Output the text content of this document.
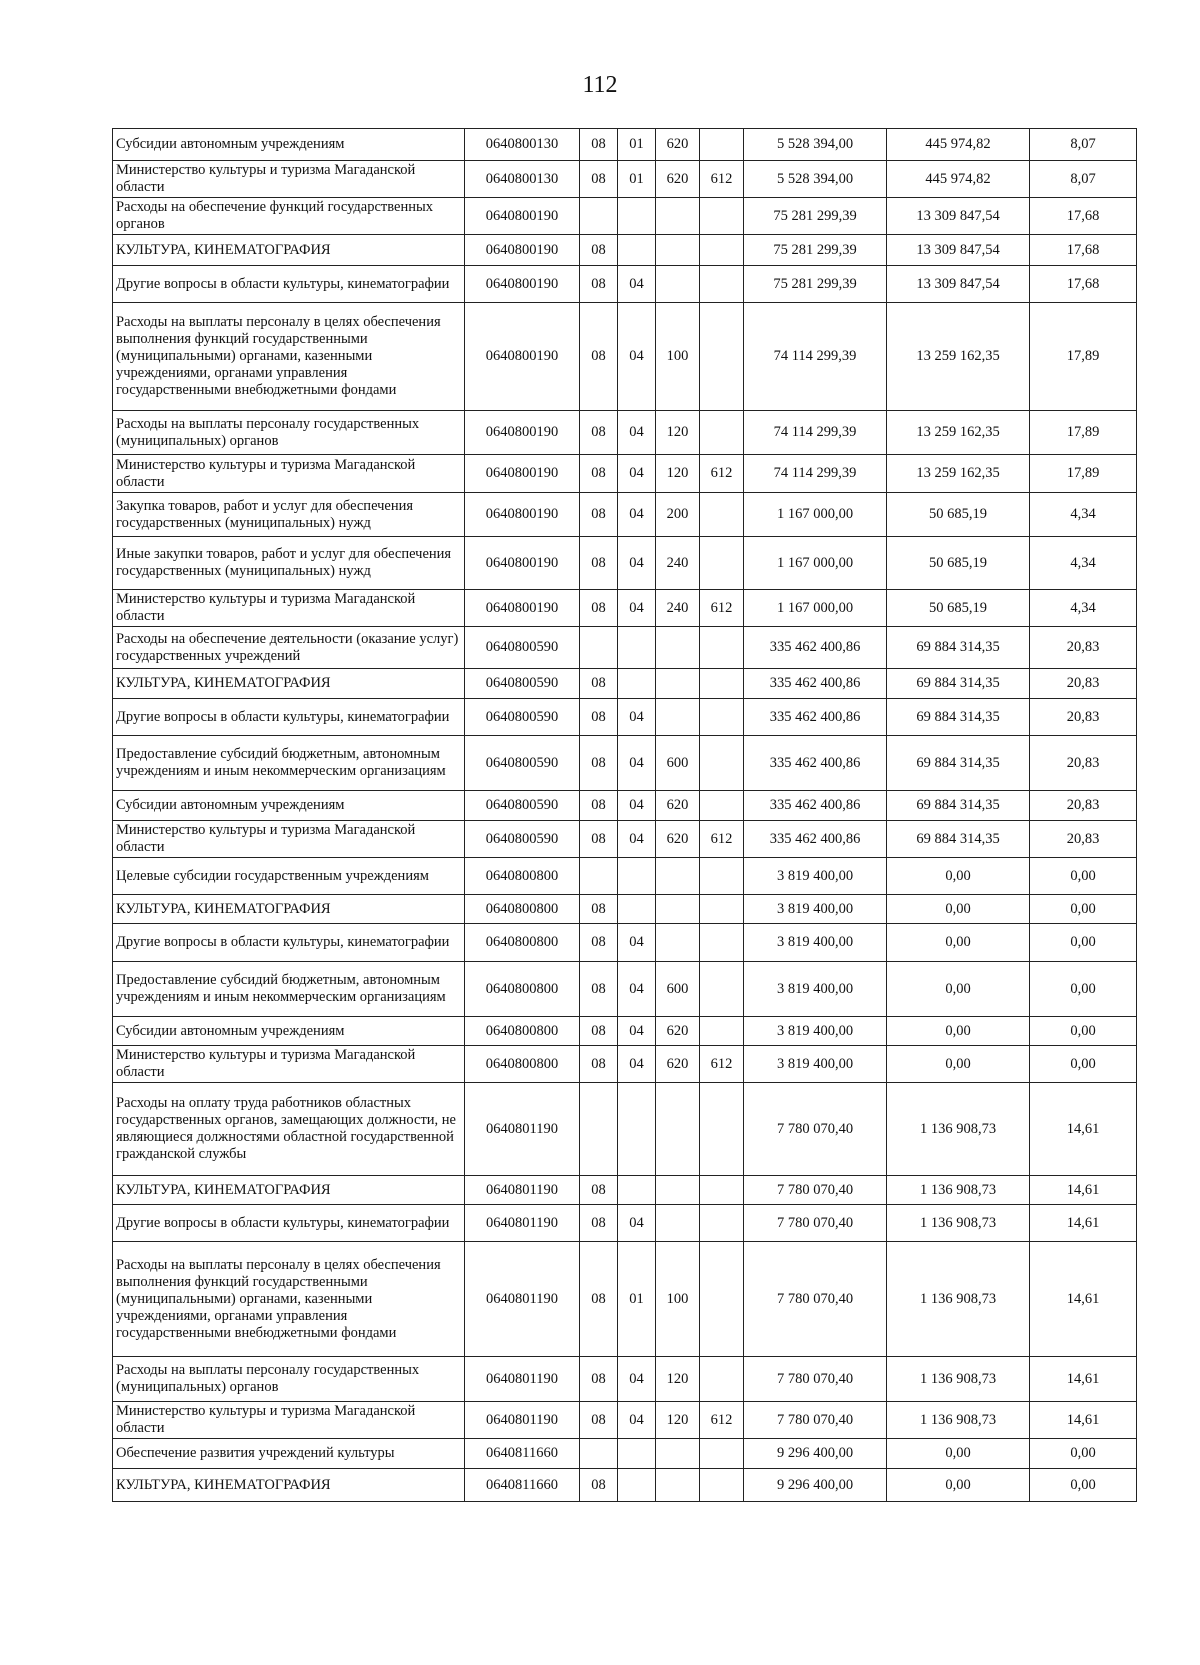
112
Субсидии автономным учреждениям	0640800130	08	01	620		5 528 394,00	445 974,82	8,07
Министерство культуры и туризма Магаданской области	0640800130	08	01	620	612	5 528 394,00	445 974,82	8,07
Расходы на обеспечение функций государственных органов	0640800190					75 281 299,39	13 309 847,54	17,68
КУЛЬТУРА, КИНЕМАТОГРАФИЯ	0640800190	08				75 281 299,39	13 309 847,54	17,68
Другие вопросы в области культуры, кинематографии	0640800190	08	04			75 281 299,39	13 309 847,54	17,68
Расходы на выплаты персоналу в целях обеспечения выполнения функций государственными (муниципальными) органами, казенными учреждениями, органами управления государственными внебюджетными фондами	0640800190	08	04	100		74 114 299,39	13 259 162,35	17,89
Расходы на выплаты персоналу государственных (муниципальных) органов	0640800190	08	04	120		74 114 299,39	13 259 162,35	17,89
Министерство культуры и туризма Магаданской области	0640800190	08	04	120	612	74 114 299,39	13 259 162,35	17,89
Закупка товаров, работ и услуг для обеспечения государственных (муниципальных) нужд	0640800190	08	04	200		1 167 000,00	50 685,19	4,34
Иные закупки товаров, работ и услуг для обеспечения государственных (муниципальных) нужд	0640800190	08	04	240		1 167 000,00	50 685,19	4,34
Министерство культуры и туризма Магаданской области	0640800190	08	04	240	612	1 167 000,00	50 685,19	4,34
Расходы на обеспечение деятельности (оказание услуг) государственных учреждений	0640800590					335 462 400,86	69 884 314,35	20,83
КУЛЬТУРА, КИНЕМАТОГРАФИЯ	0640800590	08				335 462 400,86	69 884 314,35	20,83
Другие вопросы в области культуры, кинематографии	0640800590	08	04			335 462 400,86	69 884 314,35	20,83
Предоставление субсидий бюджетным, автономным учреждениям и иным некоммерческим организациям	0640800590	08	04	600		335 462 400,86	69 884 314,35	20,83
Субсидии автономным учреждениям	0640800590	08	04	620		335 462 400,86	69 884 314,35	20,83
Министерство культуры и туризма Магаданской области	0640800590	08	04	620	612	335 462 400,86	69 884 314,35	20,83
Целевые субсидии государственным учреждениям	0640800800					3 819 400,00	0,00	0,00
КУЛЬТУРА, КИНЕМАТОГРАФИЯ	0640800800	08				3 819 400,00	0,00	0,00
Другие вопросы в области культуры, кинематографии	0640800800	08	04			3 819 400,00	0,00	0,00
Предоставление субсидий бюджетным, автономным учреждениям и иным некоммерческим организациям	0640800800	08	04	600		3 819 400,00	0,00	0,00
Субсидии автономным учреждениям	0640800800	08	04	620		3 819 400,00	0,00	0,00
Министерство культуры и туризма Магаданской области	0640800800	08	04	620	612	3 819 400,00	0,00	0,00
Расходы на оплату труда работников областных государственных органов, замещающих должности, не являющиеся должностями областной государственной гражданской службы	0640801190					7 780 070,40	1 136 908,73	14,61
КУЛЬТУРА, КИНЕМАТОГРАФИЯ	0640801190	08				7 780 070,40	1 136 908,73	14,61
Другие вопросы в области культуры, кинематографии	0640801190	08	04			7 780 070,40	1 136 908,73	14,61
Расходы на выплаты персоналу в целях обеспечения выполнения функций государственными (муниципальными) органами, казенными учреждениями, органами управления государственными внебюджетными фондами	0640801190	08	01	100		7 780 070,40	1 136 908,73	14,61
Расходы на выплаты персоналу государственных (муниципальных) органов	0640801190	08	04	120		7 780 070,40	1 136 908,73	14,61
Министерство культуры и туризма Магаданской области	0640801190	08	04	120	612	7 780 070,40	1 136 908,73	14,61
Обеспечение развития учреждений культуры	0640811660					9 296 400,00	0,00	0,00
КУЛЬТУРА, КИНЕМАТОГРАФИЯ	0640811660	08				9 296 400,00	0,00	0,00
